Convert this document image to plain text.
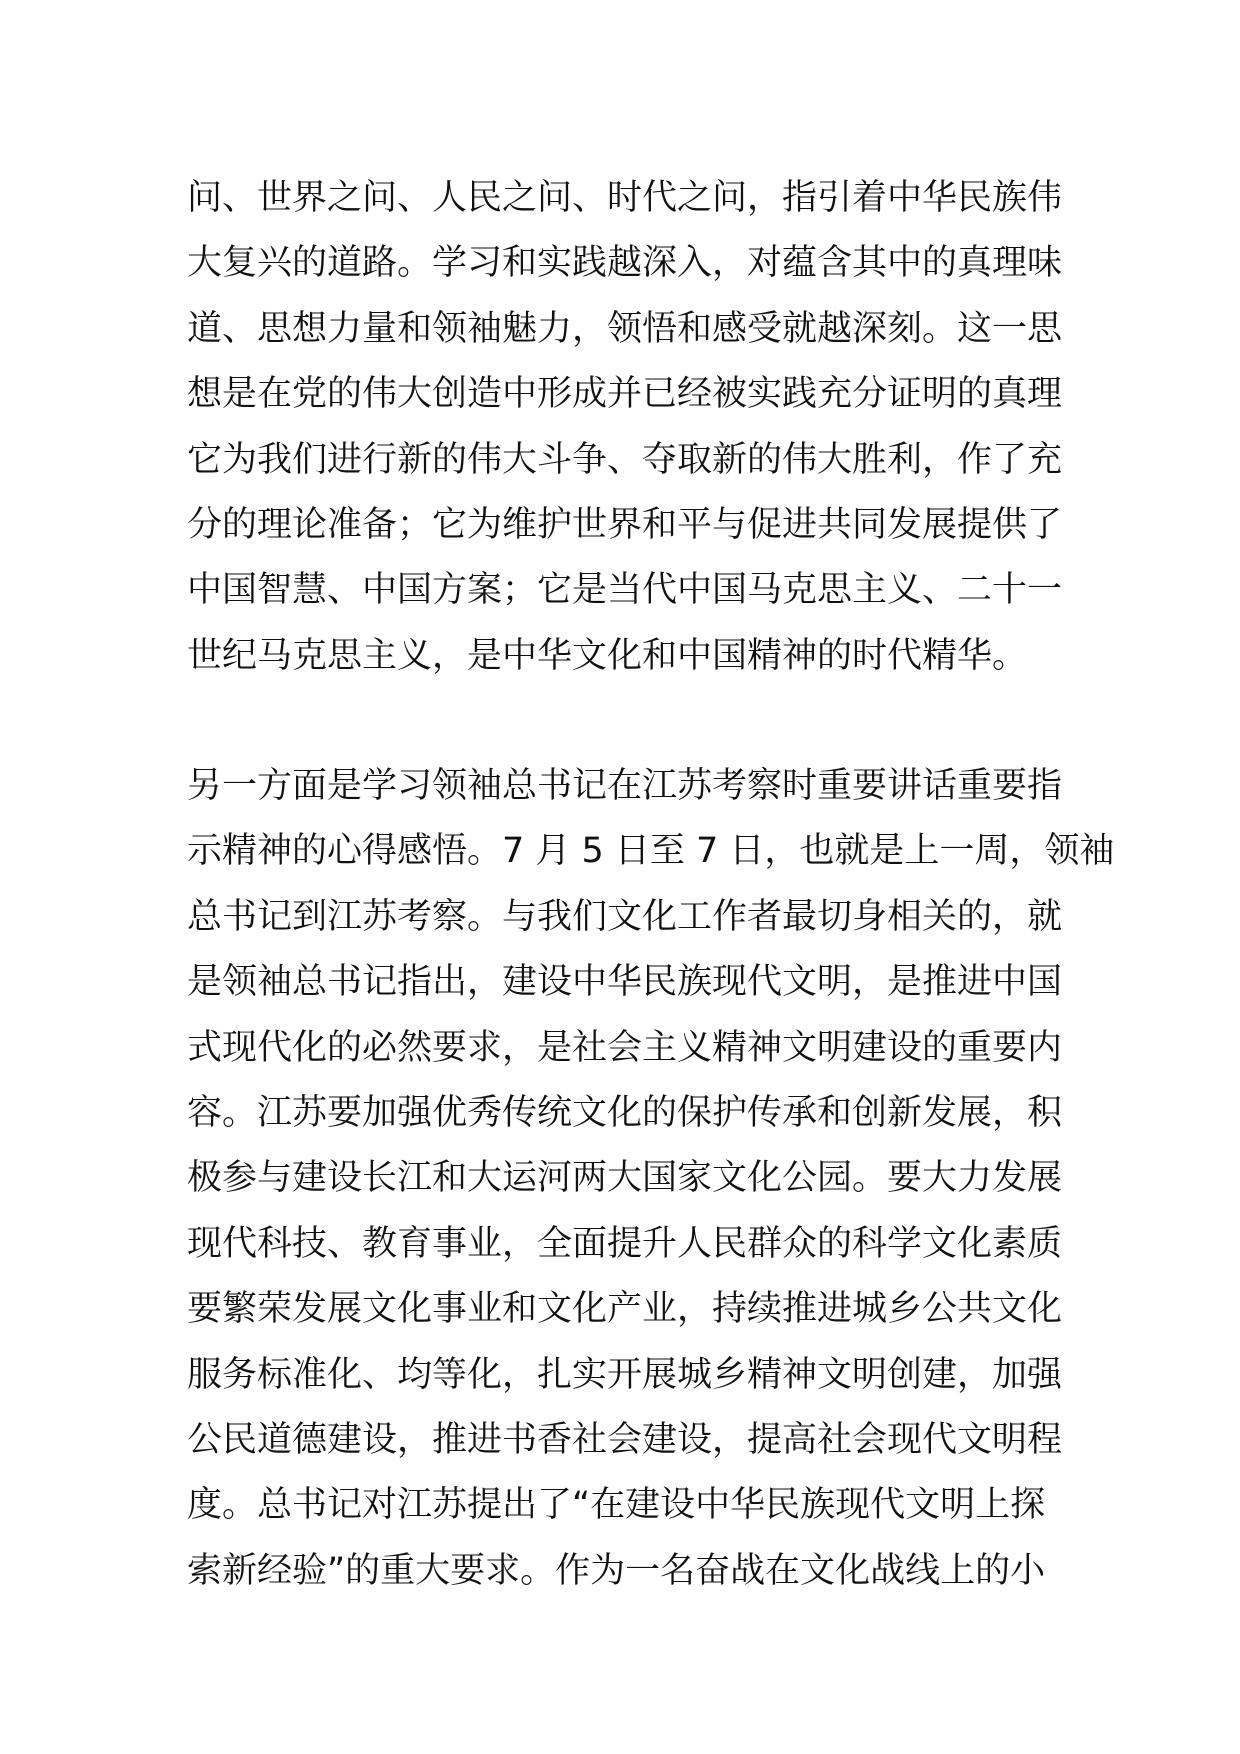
问、世界之问、人民之问、时代之问，指引着中华民族伟
大复兴的道路。学习和实践越深入，对蕴含其中的真理味
道、思想力量和领袖魅力，领悟和感受就越深刻。这一思
想是在党的伟大创造中形成并已经被实践充分证明的真理
它为我们进行新的伟大斗争、夺取新的伟大胜利，作了充
分的理论准备；它为维护世界和平与促进共同发展提供了
中国智慧、中国方案；它是当代中国马克思主义、二十一
世纪马克思主义，是中华文化和中国精神的时代精华。
另一方面是学习领袖总书记在江苏考察时重要讲话重要指
示精神的心得感悟。7 月 5 日至 7 日，也就是上一周，领袖
总书记到江苏考察。与我们文化工作者最切身相关的，就
是领袖总书记指出，建设中华民族现代文明，是推进中国
式现代化的必然要求，是社会主义精神文明建设的重要内
容。江苏要加强优秀传统文化的保护传承和创新发展，积
极参与建设长江和大运河两大国家文化公园。要大力发展
现代科技、教育事业，全面提升人民群众的科学文化素质
要繁荣发展文化事业和文化产业，持续推进城乡公共文化
服务标准化、均等化，扎实开展城乡精神文明创建，加强
公民道德建设，推进书香社会建设，提高社会现代文明程
度。总书记对江苏提出了“在建设中华民族现代文明上探
索新经验”的重大要求。作为一名奋战在文化战线上的小
